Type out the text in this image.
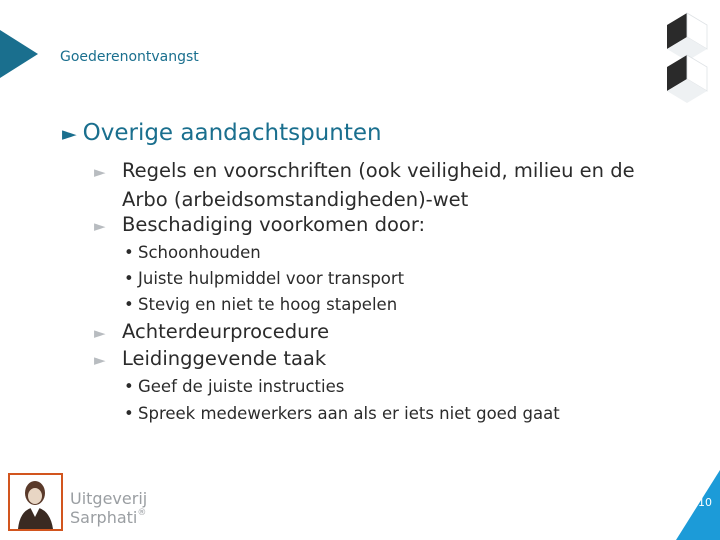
Goederenontvangst
► Overige aandachtspunten
► Regels en voorschriften (ook veiligheid, milieu en de
Arbo (arbeidsomstandigheden)-wet
► Beschadiging voorkomen door:
• Schoonhouden
• Juiste hulpmiddel voor transport
• Stevig en niet te hoog stapelen
► Achterdeurprocedure
► Leidinggevende taak
• Geef de juiste instructies
• Spreek medewerkers aan als er iets niet goed gaat
Uitgeverij
Sarphati®
10
